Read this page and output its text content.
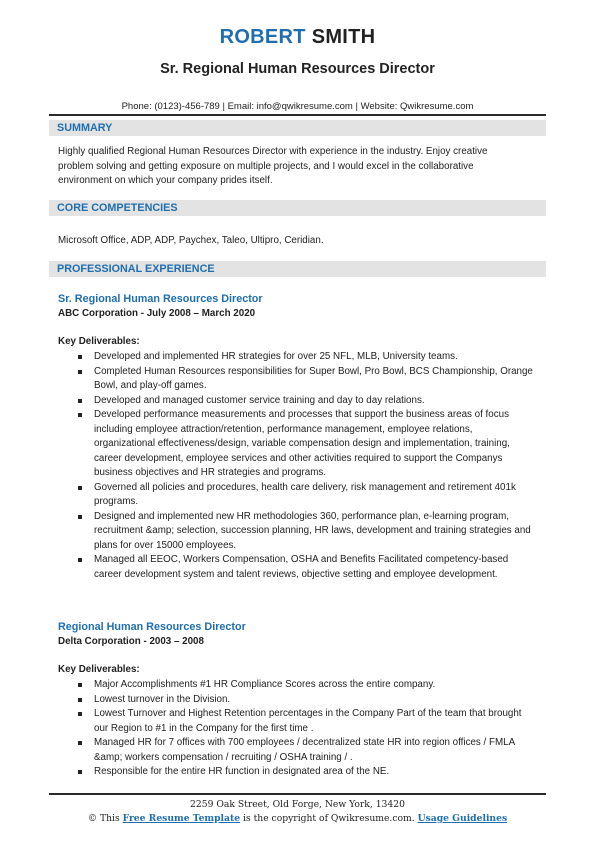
ROBERT SMITH
Sr. Regional Human Resources Director
Phone: (0123)-456-789 | Email: info@qwikresume.com | Website: Qwikresume.com
SUMMARY
Highly qualified Regional Human Resources Director with experience in the industry. Enjoy creative problem solving and getting exposure on multiple projects, and I would excel in the collaborative environment on which your company prides itself.
CORE COMPETENCIES
Microsoft Office, ADP, ADP, Paychex, Taleo, Ultipro, Ceridian.
PROFESSIONAL EXPERIENCE
Sr. Regional Human Resources Director
ABC Corporation - July 2008 – March 2020
Key Deliverables:
Developed and implemented HR strategies for over 25 NFL, MLB, University teams.
Completed Human Resources responsibilities for Super Bowl, Pro Bowl, BCS Championship, Orange Bowl, and play-off games.
Developed and managed customer service training and day to day relations.
Developed performance measurements and processes that support the business areas of focus including employee attraction/retention, performance management, employee relations, organizational effectiveness/design, variable compensation design and implementation, training, career development, employee services and other activities required to support the Companys business objectives and HR strategies and programs.
Governed all policies and procedures, health care delivery, risk management and retirement 401k programs.
Designed and implemented new HR methodologies 360, performance plan, e-learning program, recruitment &amp; selection, succession planning, HR laws, development and training strategies and plans for over 15000 employees.
Managed all EEOC, Workers Compensation, OSHA and Benefits Facilitated competency-based career development system and talent reviews, objective setting and employee development.
Regional Human Resources Director
Delta Corporation - 2003 – 2008
Key Deliverables:
Major Accomplishments #1 HR Compliance Scores across the entire company.
Lowest turnover in the Division.
Lowest Turnover and Highest Retention percentages in the Company Part of the team that brought our Region to #1 in the Company for the first time .
Managed HR for 7 offices with 700 employees / decentralized state HR into region offices / FMLA &amp; workers compensation / recruiting / OSHA training / .
Responsible for the entire HR function in designated area of the NE.
2259 Oak Street, Old Forge, New York, 13420
© This Free Resume Template is the copyright of Qwikresume.com. Usage Guidelines
